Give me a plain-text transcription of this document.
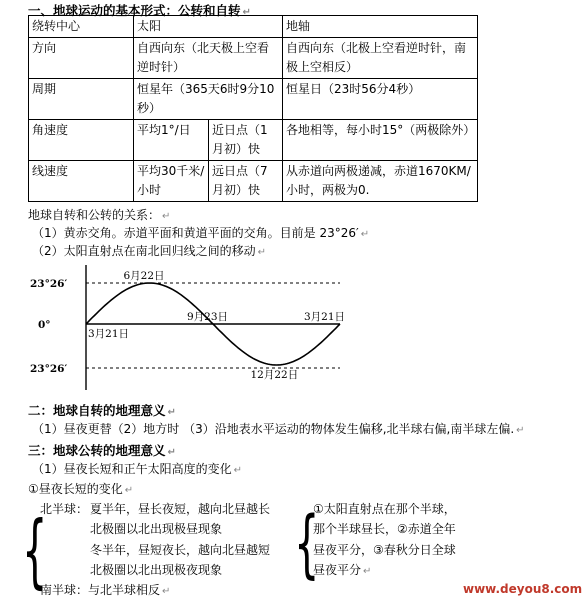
一、地球运动的基本形式：公转和自转 ↵
绕转中心	太阳		地轴
方向	自西向东（北天极上空看逆时针）		自西向东（北极上空看逆时针，南极上空相反）
周期	恒星年（365天6时9分10秒）		恒星日（23时56分4秒）
角速度	平均1°/日	近日点（1月初）快	各地相等，每小时15°（两极除外）
线速度	平均30千米/小时	远日点（7月初）快	从赤道向两极递减，赤道1670KM/小时，两极为0.
地球自转和公转的关系： ↵
（1）黄赤交角。赤道平面和黄道平面的交角。目前是 23°26′ ↵
（2）太阳直射点在南北回归线之间的移动 ↵
23°26′
0°
23°26′
3月21日
6月22日
9月23日
12月22日
3月21日
二：地球自转的地理意义 ↵
（1）昼夜更替（2）地方时 （3）沿地表水平运动的物体发生偏移,北半球右偏,南半球左偏. ↵
三：地球公转的地理意义 ↵
（1）昼夜长短和正午太阳高度的变化 ↵
①昼夜长短的变化 ↵
{
北半球： 夏半年，昼长夜短，越向北昼越长
北极圈以北出现极昼现象
冬半年，昼短夜长，越向北昼越短
北极圈以北出现极夜现象
南半球：与北半球相反 ↵
{
①太阳直射点在那个半球，
那个半球昼长，②赤道全年
昼夜平分，③春秋分日全球
昼夜平分 ↵
www.deyou8.com
